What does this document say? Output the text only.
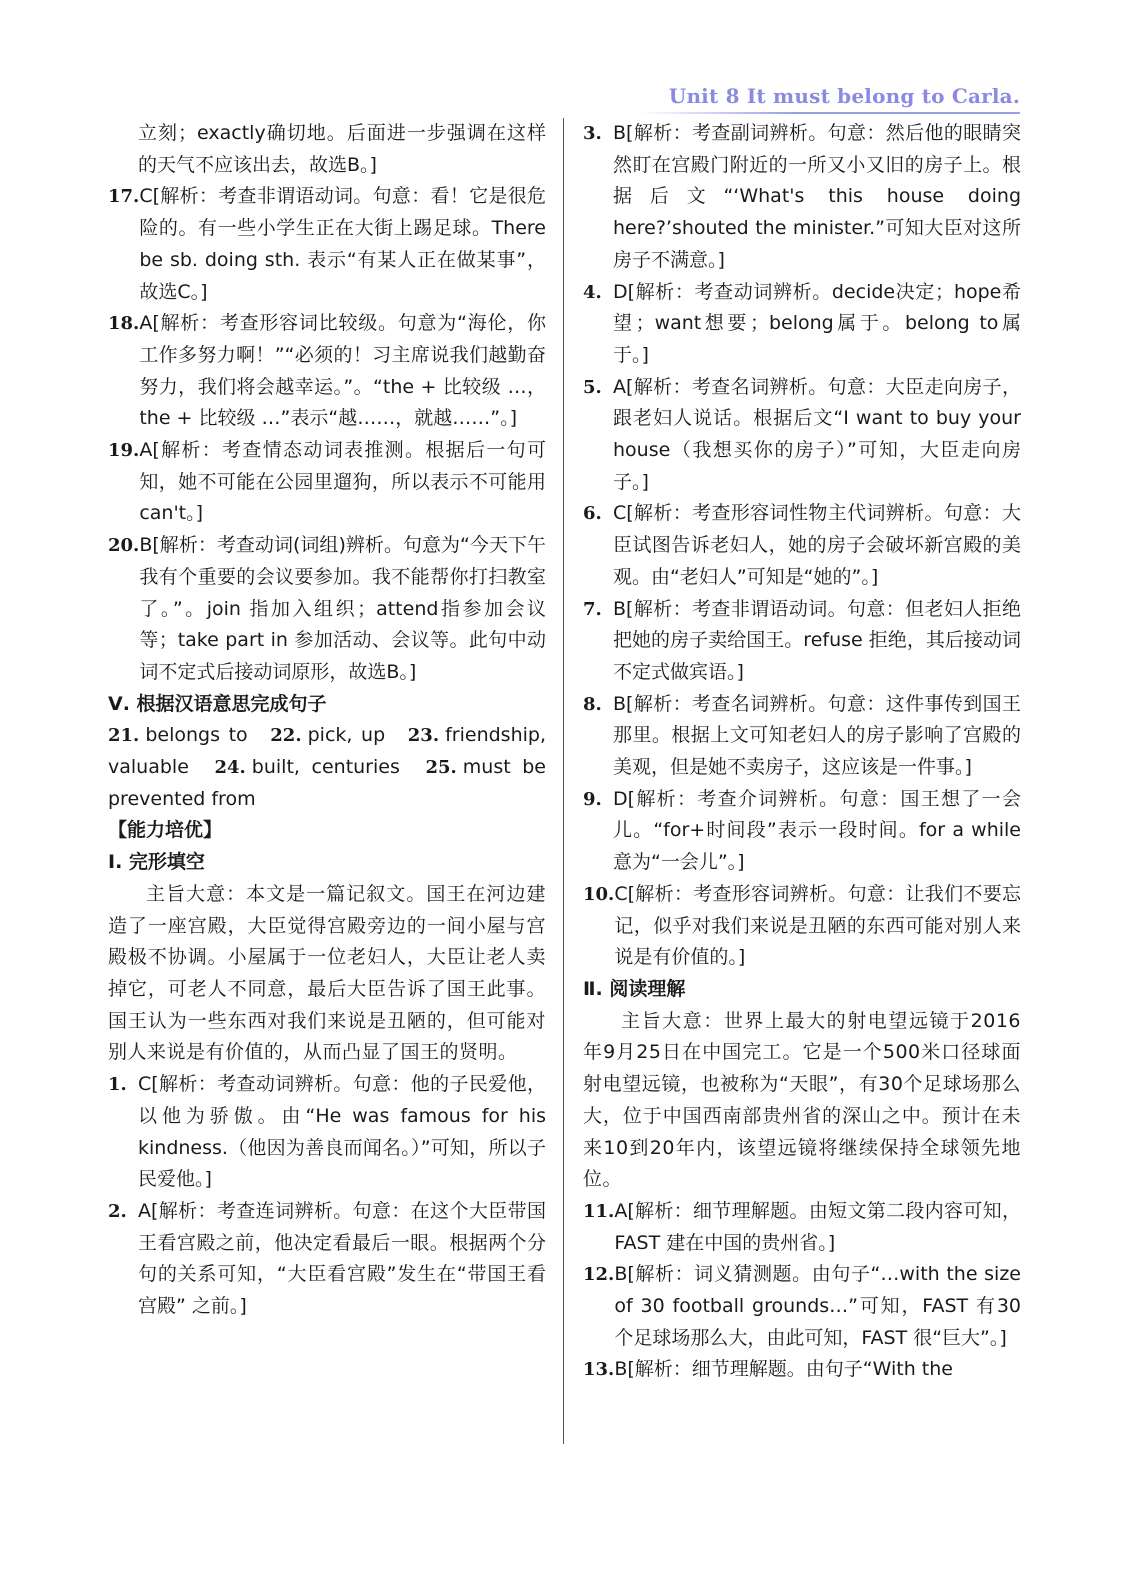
Unit 8 It must belong to Carla.
立刻；exactly确切地。后面进一步强调在这样的天气不应该出去，故选B。]
17. C[解析：考查非谓语动词。句意：看！它是很危险的。有一些小学生正在大街上踢足球。There be sb. doing sth. 表示“有某人正在做某事”，故选C。]
18. A[解析：考查形容词比较级。句意为“海伦，你工作多努力啊！”“必须的！习主席说我们越勤奋努力，我们将会越幸运。”。“the + 比较级 …，the + 比较级 …”表示“越……，就越……”。]
19. A[解析：考查情态动词表推测。根据后一句可知，她不可能在公园里遛狗，所以表示不可能用can't。]
20. B[解析：考查动词(词组)辨析。句意为“今天下午我有个重要的会议要参加。我不能帮你打扫教室了。”。join 指加入组织；attend指参加会议等；take part in 参加活动、会议等。此句中动词不定式后接动词原形，故选B。]
Ⅴ. 根据汉语意思完成句子
21. belongs to 22. pick, up 23. friendship, valuable 24. built, centuries 25. must be prevented from
【能力培优】
Ⅰ. 完形填空
主旨大意：本文是一篇记叙文。国王在河边建造了一座宫殿，大臣觉得宫殿旁边的一间小屋与宫殿极不协调。小屋属于一位老妇人，大臣让老人卖掉它，可老人不同意，最后大臣告诉了国王此事。国王认为一些东西对我们来说是丑陋的，但可能对别人来说是有价值的，从而凸显了国王的贤明。
1. C[解析：考查动词辨析。句意：他的子民爱他，以他为骄傲。由“He was famous for his kindness.（他因为善良而闻名。）”可知，所以子民爱他。]
2. A[解析：考查连词辨析。句意：在这个大臣带国王看宫殿之前，他决定看最后一眼。根据两个分句的关系可知，“大臣看宫殿”发生在“带国王看宫殿” 之前。]
3. B[解析：考查副词辨析。句意：然后他的眼睛突然盯在宫殿门附近的一所又小又旧的房子上。根据后文“‘What's this house doing here?’shouted the minister.”可知大臣对这所房子不满意。]
4. D[解析：考查动词辨析。decide决定；hope希望；want想要；belong属于。belong to属于。]
5. A[解析：考查名词辨析。句意：大臣走向房子，跟老妇人说话。根据后文“I want to buy your house（我想买你的房子）”可知，大臣走向房子。]
6. C[解析：考查形容词性物主代词辨析。句意：大臣试图告诉老妇人，她的房子会破坏新宫殿的美观。由“老妇人”可知是“她的”。]
7. B[解析：考查非谓语动词。句意：但老妇人拒绝把她的房子卖给国王。refuse 拒绝，其后接动词不定式做宾语。]
8. B[解析：考查名词辨析。句意：这件事传到国王那里。根据上文可知老妇人的房子影响了宫殿的美观，但是她不卖房子，这应该是一件事。]
9. D[解析：考查介词辨析。句意：国王想了一会儿。“for+时间段”表示一段时间。for a while 意为“一会儿”。]
10. C[解析：考查形容词辨析。句意：让我们不要忘记，似乎对我们来说是丑陋的东西可能对别人来说是有价值的。]
Ⅱ. 阅读理解
主旨大意：世界上最大的射电望远镜于2016年9月25日在中国完工。它是一个500米口径球面射电望远镜，也被称为“天眼”，有30个足球场那么大，位于中国西南部贵州省的深山之中。预计在未来10到20年内，该望远镜将继续保持全球领先地位。
11. A[解析：细节理解题。由短文第二段内容可知，FAST 建在中国的贵州省。]
12. B[解析：词义猜测题。由句子“…with the size of 30 football grounds…”可知，FAST 有30个足球场那么大，由此可知，FAST 很“巨大”。]
13. B[解析：细节理解题。由句子“With the
